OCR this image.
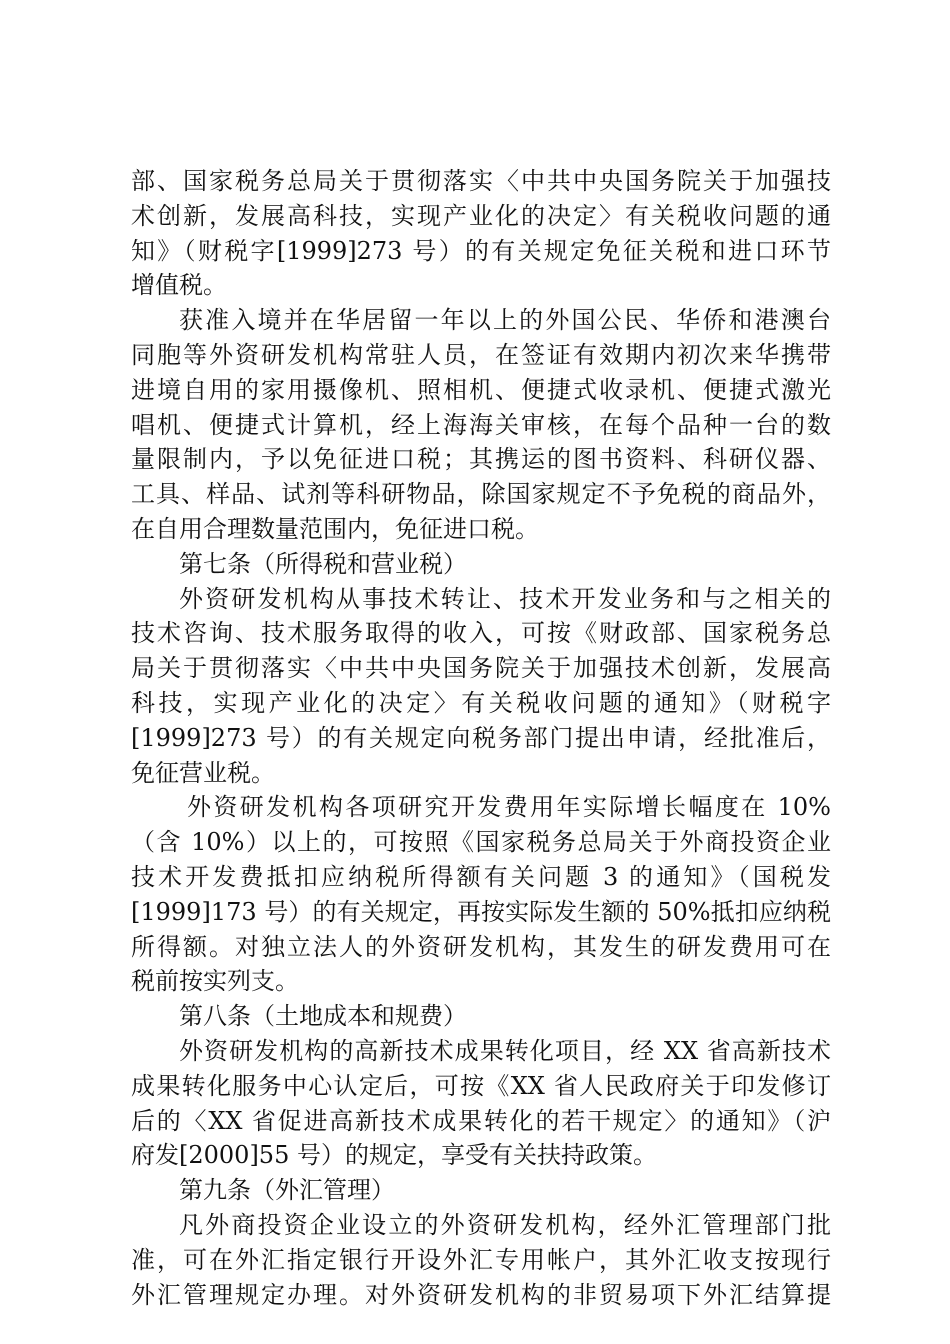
部、国家税务总局关于贯彻落实〈中共中央国务院关于加强技
术创新，发展高科技，实现产业化的决定〉有关税收问题的通
知》（财税字[1999]273 号）的有关规定免征关税和进口环节
增值税。
获准入境并在华居留一年以上的外国公民、华侨和港澳台
同胞等外资研发机构常驻人员，在签证有效期内初次来华携带
进境自用的家用摄像机、照相机、便捷式收录机、便捷式激光
唱机、便捷式计算机，经上海海关审核，在每个品种一台的数
量限制内，予以免征进口税；其携运的图书资料、科研仪器、
工具、样品、试剂等科研物品，除国家规定不予免税的商品外，
在自用合理数量范围内，免征进口税。
第七条（所得税和营业税）
外资研发机构从事技术转让、技术开发业务和与之相关的
技术咨询、技术服务取得的收入，可按《财政部、国家税务总
局关于贯彻落实〈中共中央国务院关于加强技术创新，发展高
科技，实现产业化的决定〉有关税收问题的通知》（财税字
[1999]273 号）的有关规定向税务部门提出申请，经批准后，
免征营业税。
外资研发机构各项研究开发费用年实际增长幅度在 10%
（含 10%）以上的，可按照《国家税务总局关于外商投资企业
技术开发费抵扣应纳税所得额有关问题 3 的通知》（国税发
[1999]173 号）的有关规定，再按实际发生额的 50%抵扣应纳税
所得额。对独立法人的外资研发机构，其发生的研发费用可在
税前按实列支。
第八条（土地成本和规费）
外资研发机构的高新技术成果转化项目，经 XX 省高新技术
成果转化服务中心认定后，可按《XX 省人民政府关于印发修订
后的〈XX 省促进高新技术成果转化的若干规定〉的通知》（沪
府发[2000]55 号）的规定，享受有关扶持政策。
第九条（外汇管理）
凡外商投资企业设立的外资研发机构，经外汇管理部门批
准，可在外汇指定银行开设外汇专用帐户，其外汇收支按现行
外汇管理规定办理。对外资研发机构的非贸易项下外汇结算提
